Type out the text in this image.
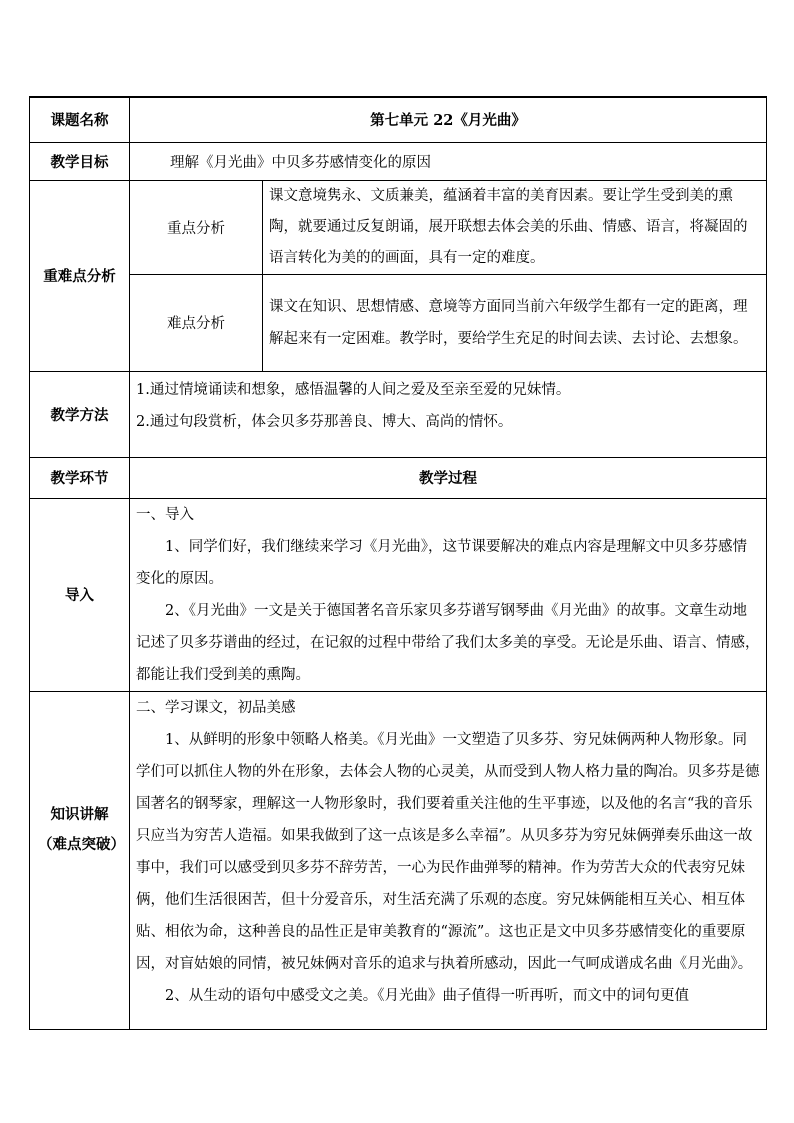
课题名称	第七单元 22《月光曲》	
教学目标	理解《月光曲》中贝多芬感情变化的原因	
重难点分析	重点分析	课文意境隽永、文质兼美，蕴涵着丰富的美育因素。要让学生受到美的熏陶，就要通过反复朗诵，展开联想去体会美的乐曲、情感、语言，将凝固的语言转化为美的的画面，具有一定的难度。

	难点分析	课文在知识、思想情感、意境等方面同当前六年级学生都有一定的距离，理解起来有一定困难。教学时，要给学生充足的时间去读、去讨论、去想象。

教学方法	1.通过情境诵读和想象，感悟温馨的人间之爱及至亲至爱的兄妹情。

2.通过句段赏析，体会贝多芬那善良、博大、高尚的情怀。	

教学环节	教学过程	
导入	一、导入

1、同学们好，我们继续来学习《月光曲》，这节课要解决的难点内容是理解文中贝多芬感情变化的原因。

2、《月光曲》一文是关于德国著名音乐家贝多芬谱写钢琴曲《月光曲》的故事。文章生动地记述了贝多芬谱曲的经过，在记叙的过程中带给了我们太多美的享受。无论是乐曲、语言、情感，都能让我们受到美的熏陶。	

知识讲解（难点突破）	二、学习课文，初品美感

1、从鲜明的形象中领略人格美。《月光曲》一文塑造了贝多芬、穷兄妹俩两种人物形象。同学们可以抓住人物的外在形象，去体会人物的心灵美，从而受到人物人格力量的陶冶。贝多芬是德国著名的钢琴家，理解这一人物形象时，我们要着重关注他的生平事迹，以及他的名言“我的音乐只应当为穷苦人造福。如果我做到了这一点该是多么幸福”。从贝多芬为穷兄妹俩弹奏乐曲这一故事中，我们可以感受到贝多芬不辞劳苦，一心为民作曲弹琴的精神。作为劳苦大众的代表穷兄妹俩，他们生活很困苦，但十分爱音乐，对生活充满了乐观的态度。穷兄妹俩能相互关心、相互体贴、相依为命，这种善良的品性正是审美教育的“源流”。这也正是文中贝多芬感情变化的重要原因，对盲姑娘的同情，被兄妹俩对音乐的追求与执着所感动，因此一气呵成谱成名曲《月光曲》。

2、从生动的语句中感受文之美。《月光曲》曲子值得一听再听，而文中的词句更值	
